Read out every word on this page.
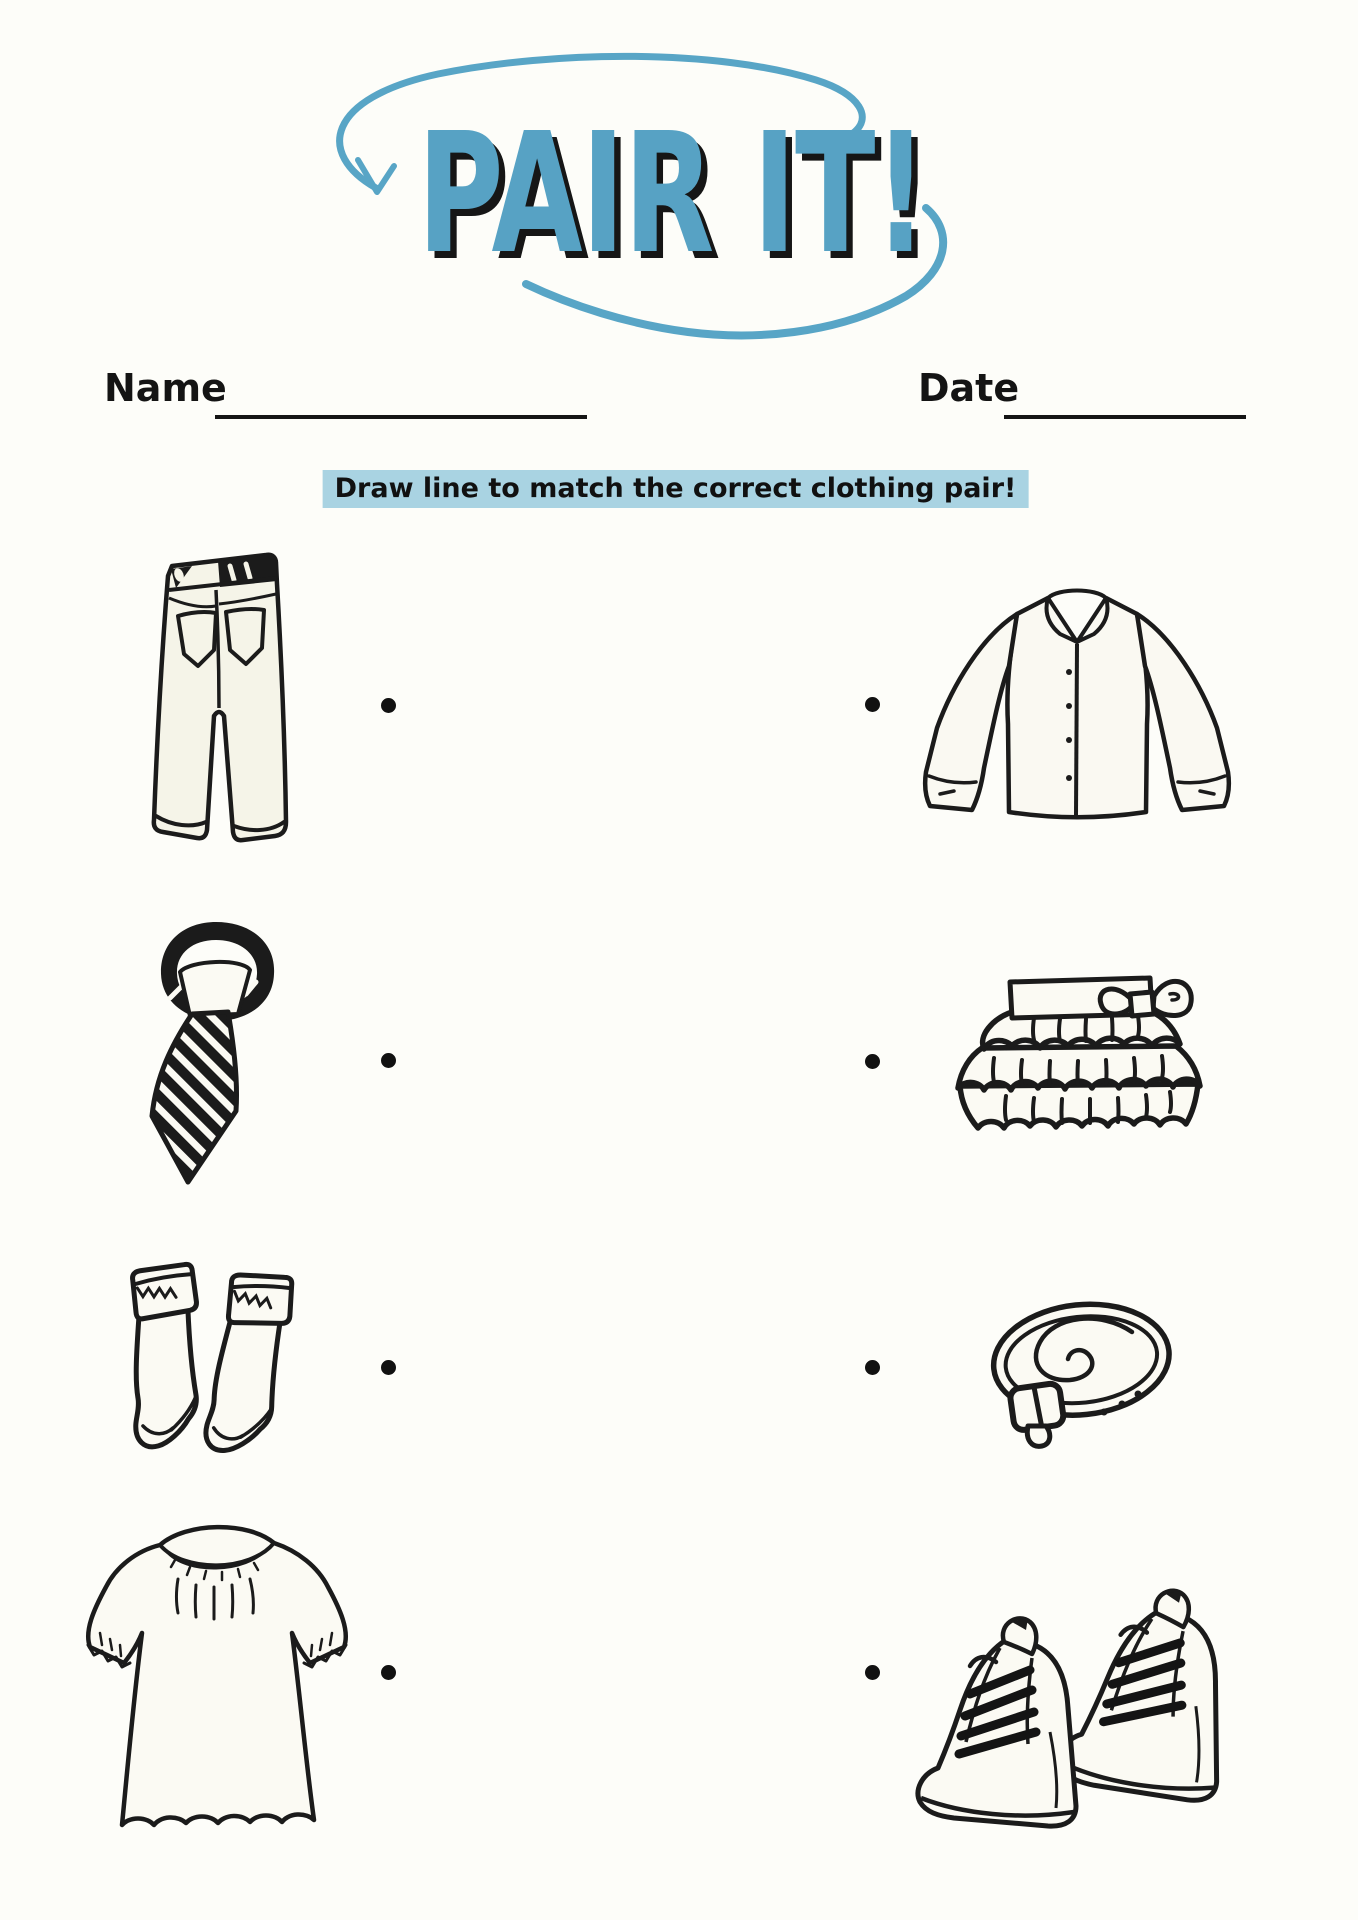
PAIR IT!
Name	Date
Draw line to match the correct clothing pair!
